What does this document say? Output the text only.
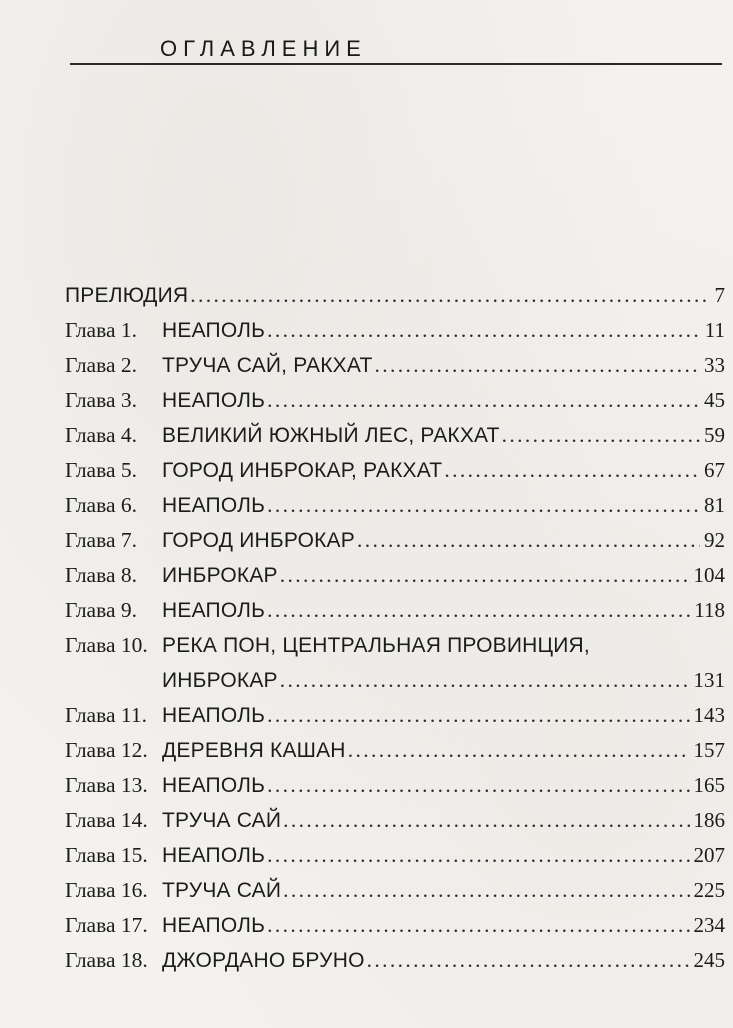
ОГЛАВЛЕНИЕ
ПРЕЛЮДИЯ . . .	7
Глава 1.	НЕАПОЛЬ . . .	11
Глава 2.	ТРУЧА САЙ, РАКХАТ . . .	33
Глава 3.	НЕАПОЛЬ . . .	45
Глава 4.	ВЕЛИКИЙ ЮЖНЫЙ ЛЕС, РАКХАТ . . .	59
Глава 5.	ГОРОД ИНБРОКАР, РАКХАТ . . .	67
Глава 6.	НЕАПОЛЬ . . .	81
Глава 7.	ГОРОД ИНБРОКАР . . .	92
Глава 8.	ИНБРОКАР . . .	104
Глава 9.	НЕАПОЛЬ . . .	118
Глава 10. РЕКА ПОН, ЦЕНТРАЛЬНАЯ ПРОВИНЦИЯ,
ИНБРОКАР . . .	131
Глава 11. НЕАПОЛЬ . . .	143
Глава 12. ДЕРЕВНЯ КАШАН . . .	157
Глава 13. НЕАПОЛЬ . . .	165
Глава 14. ТРУЧА САЙ . . .	186
Глава 15. НЕАПОЛЬ . . .	207
Глава 16. ТРУЧА САЙ . . .	225
Глава 17. НЕАПОЛЬ . . .	234
Глава 18. ДЖОРДАНО БРУНО . . .	245
